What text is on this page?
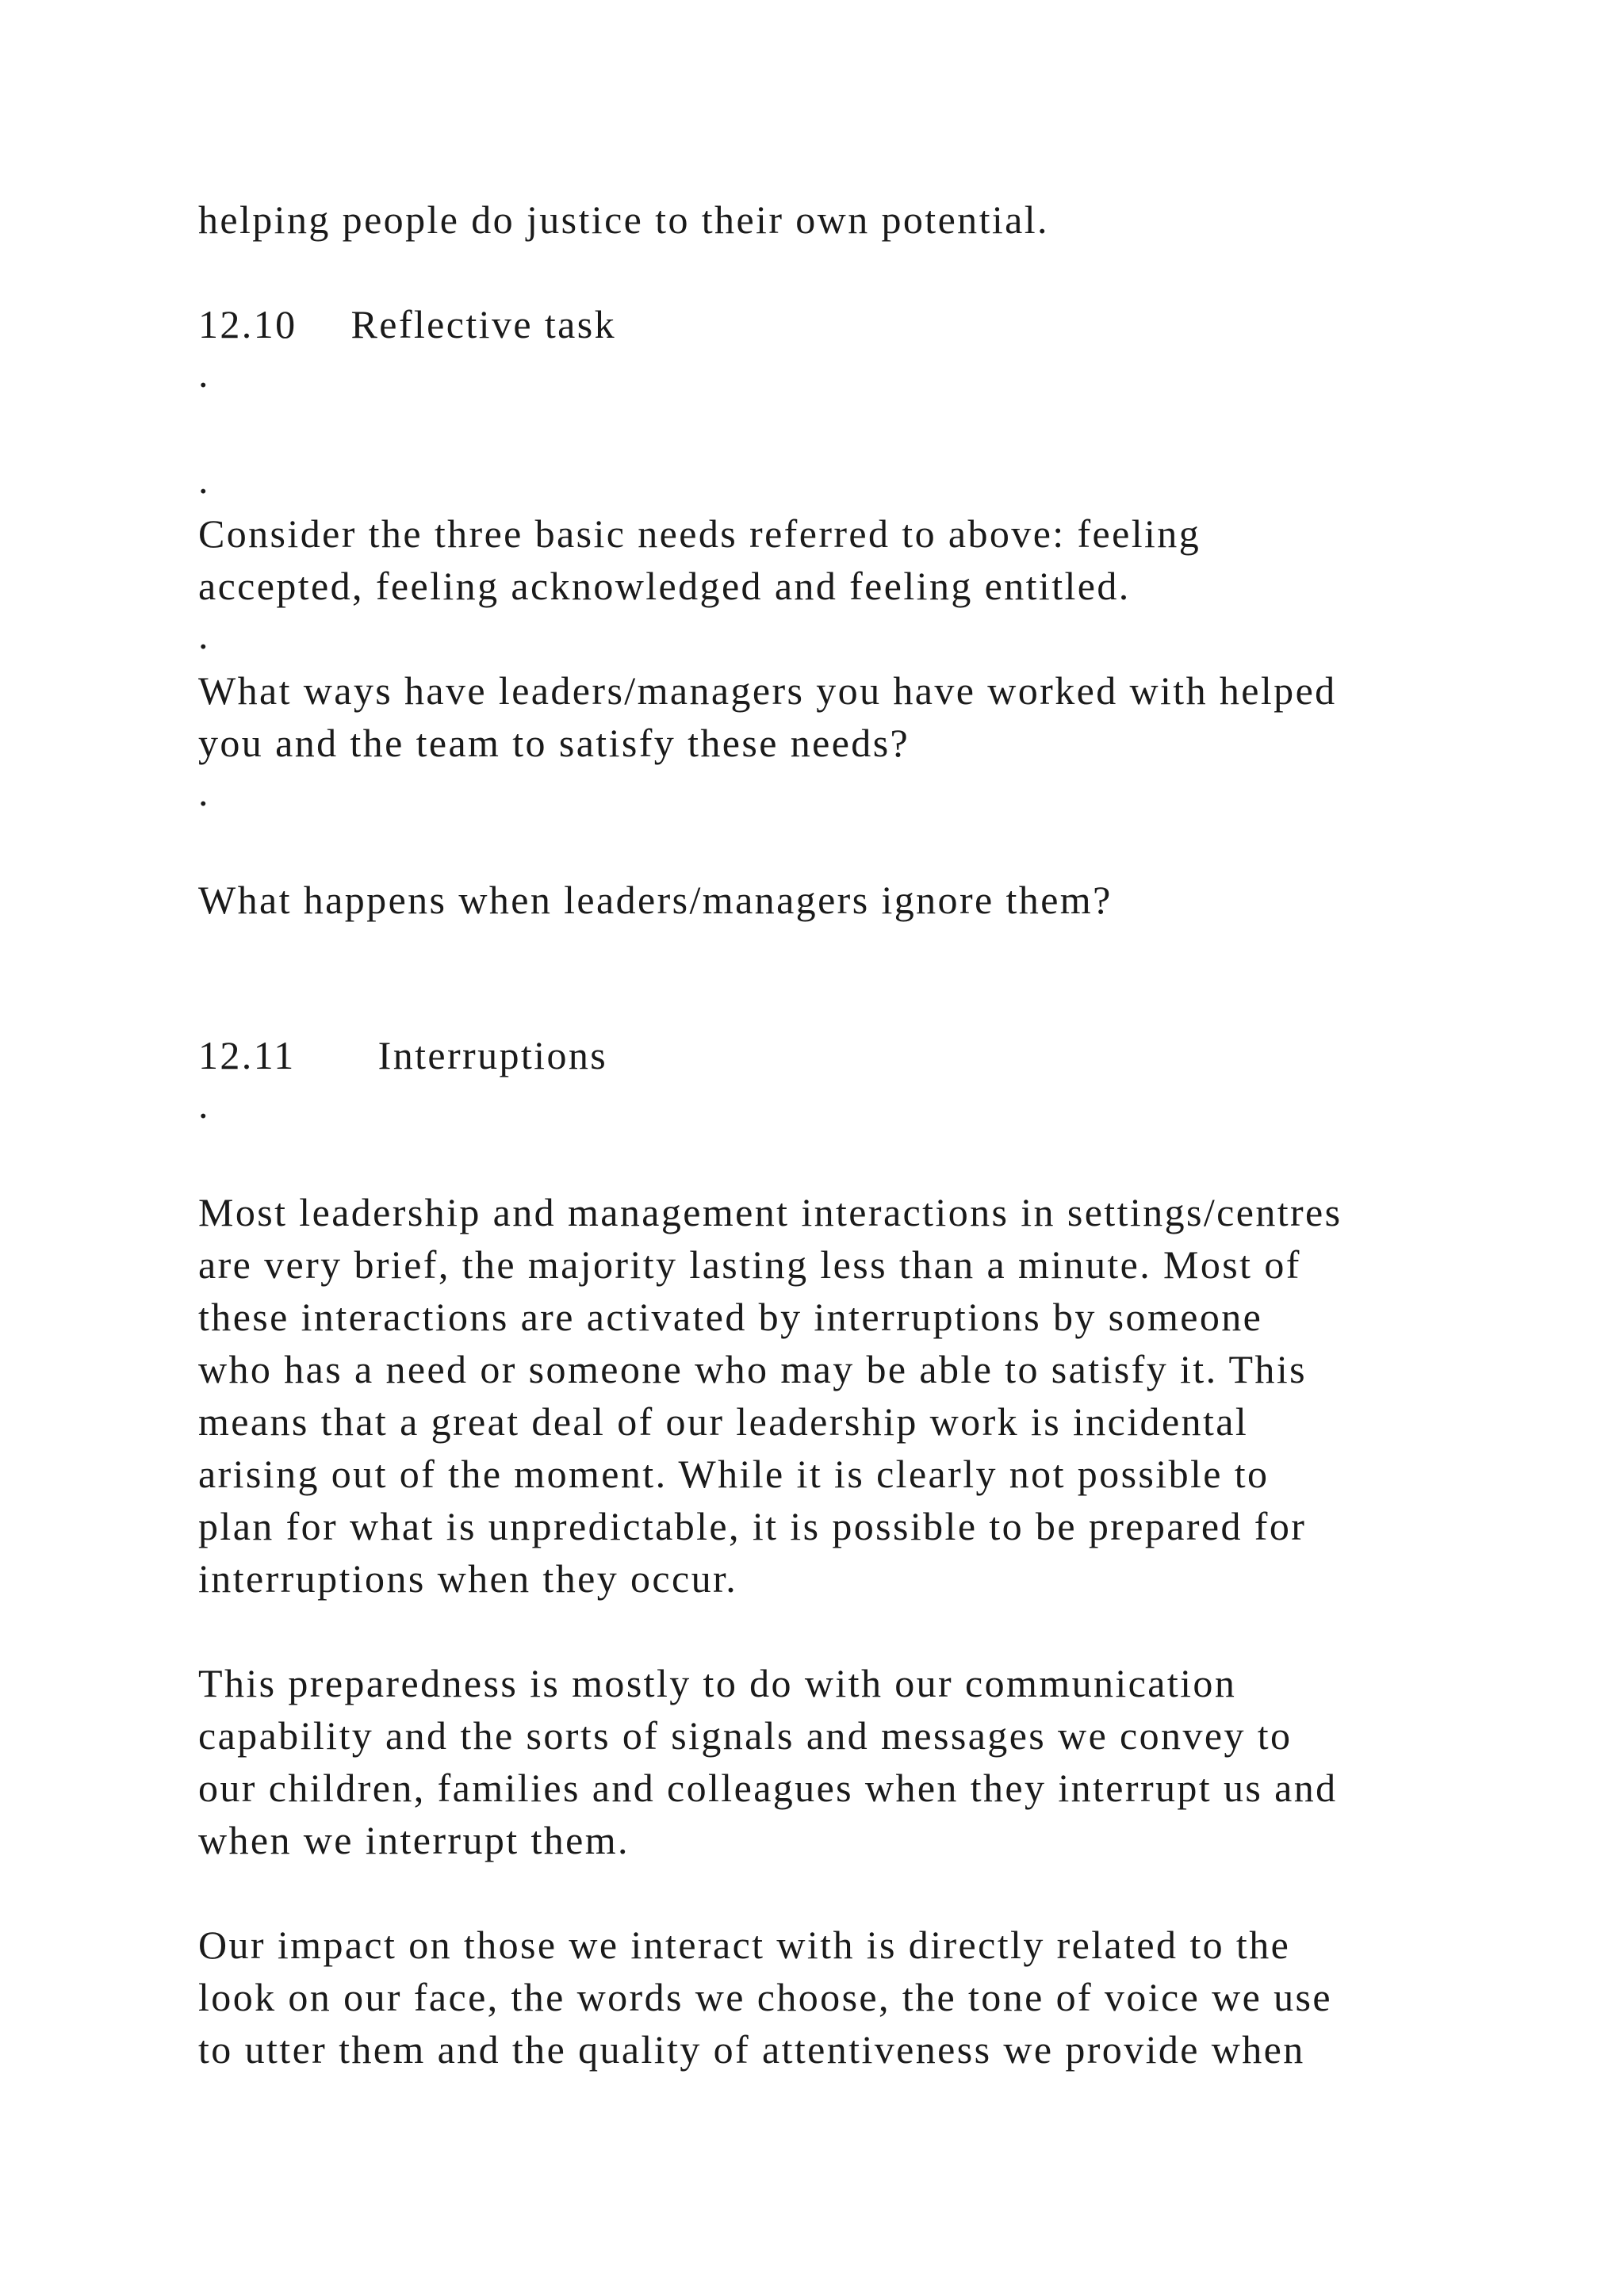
helping people do justice to their own potential.
12.10 Reflective task
.
.
Consider the three basic needs referred to above: feeling
accepted, feeling acknowledged and feeling entitled.
.
What ways have leaders/managers you have worked with helped
you and the team to satisfy these needs?
.
What happens when leaders/managers ignore them?
12.11 Interruptions
.
Most leadership and management interactions in settings/centres
are very brief, the majority lasting less than a minute. Most of
these interactions are activated by interruptions by someone
who has a need or someone who may be able to satisfy it. This
means that a great deal of our leadership work is incidental
arising out of the moment. While it is clearly not possible to
plan for what is unpredictable, it is possible to be prepared for
interruptions when they occur.
This preparedness is mostly to do with our communication
capability and the sorts of signals and messages we convey to
our children, families and colleagues when they interrupt us and
when we interrupt them.
Our impact on those we interact with is directly related to the
look on our face, the words we choose, the tone of voice we use
to utter them and the quality of attentiveness we provide when
